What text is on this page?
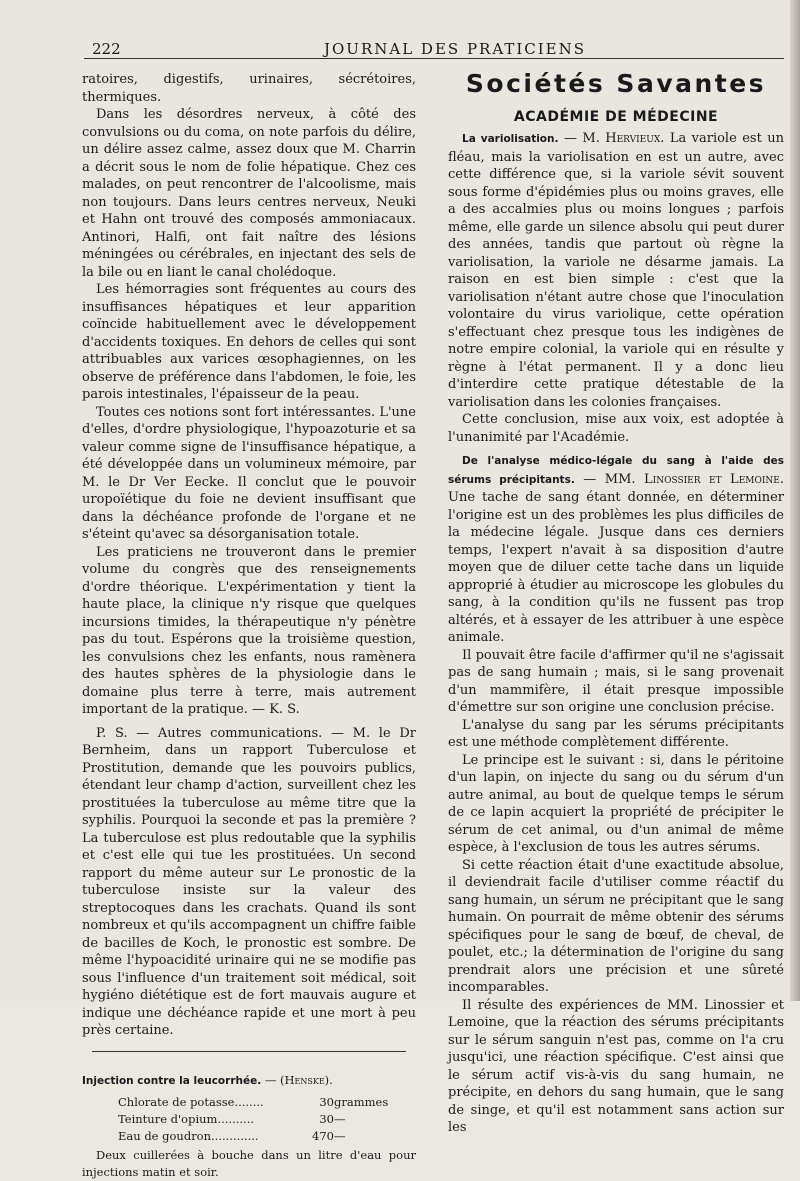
222	JOURNAL DES PRATICIENS

ratoires, digestifs, urinaires, sécrétoires, thermiques.

Dans les désordres nerveux, à côté des convulsions ou du coma, on note parfois du délire, un délire assez calme, assez doux que M. Charrin a décrit sous le nom de folie hépatique. Chez ces malades, on peut rencontrer de l'alcoolisme, mais non toujours. Dans leurs centres nerveux, Neuki et Hahn ont trouvé des composés ammoniacaux. Antinori, Halfi, ont fait naître des lésions méningées ou cérébrales, en injectant des sels de la bile ou en liant le canal cholédoque.

Les hémorragies sont fréquentes au cours des insuffisances hépatiques et leur apparition coïncide habituellement avec le développement d'accidents toxiques. En dehors de celles qui sont attribuables aux varices œsophagiennes, on les observe de préférence dans l'abdomen, le foie, les parois intestinales, l'épaisseur de la peau.

Toutes ces notions sont fort intéressantes. L'une d'elles, d'ordre physiologique, l'hypoazoturie et sa valeur comme signe de l'insuffisance hépatique, a été développée dans un volumineux mémoire, par M. le Dr Ver Eecke. Il conclut que le pouvoir uropoïétique du foie ne devient insuffisant que dans la déchéance profonde de l'organe et ne s'éteint qu'avec sa désorganisation totale.

Les praticiens ne trouveront dans le premier volume du congrès que des renseignements d'ordre théorique. L'expérimentation y tient la haute place, la clinique n'y risque que quelques incursions timides, la thérapeutique n'y pénètre pas du tout. Espérons que la troisième question, les convulsions chez les enfants, nous ramènera des hautes sphères de la physiologie dans le domaine plus terre à terre, mais autrement important de la pratique. — K. S.

P. S. — Autres communications. — M. le Dr Bernheim, dans un rapport Tuberculose et Prostitution, demande que les pouvoirs publics, étendant leur champ d'action, surveillent chez les prostituées la tuberculose au même titre que la syphilis. Pourquoi la seconde et pas la première ? La tuberculose est plus redoutable que la syphilis et c'est elle qui tue les prostituées. Un second rapport du même auteur sur Le pronostic de la tuberculose insiste sur la valeur des streptocoques dans les crachats. Quand ils sont nombreux et qu'ils accompagnent un chiffre faible de bacilles de Koch, le pronostic est sombre. De même l'hypoacidité urinaire qui ne se modifie pas sous l'influence d'un traitement soit médical, soit hygiéno diététique est de fort mauvais augure et indique une déchéance rapide et une mort à peu près certaine.

Injection contre la leucorrhée. — (Henske).
Chlorate de potasse........	30	grammes
Teinture d'opium..........	30	—
Eau de goudron.............	470	—

Deux cuillerées à bouche dans un litre d'eau pour injections matin et soir.

Sociétés Savantes
ACADÉMIE DE MÉDECINE

La variolisation. — M. Hervieux. La variole est un fléau, mais la variolisation en est un autre, avec cette différence que, si la variole sévit souvent sous forme d'épidémies plus ou moins graves, elle a des accalmies plus ou moins longues ; parfois même, elle garde un silence absolu qui peut durer des années, tandis que partout où règne la variolisation, la variole ne désarme jamais. La raison en est bien simple : c'est que la variolisation n'étant autre chose que l'inoculation volontaire du virus variolique, cette opération s'effectuant chez presque tous les indigènes de notre empire colonial, la variole qui en résulte y règne à l'état permanent. Il y a donc lieu d'interdire cette pratique détestable de la variolisation dans les colonies françaises.

Cette conclusion, mise aux voix, est adoptée à l'unanimité par l'Académie.

De l'analyse médico-légale du sang à l'aide des sérums précipitants. — MM. Linossier et Lemoine. Une tache de sang étant donnée, en déterminer l'origine est un des problèmes les plus difficiles de la médecine légale. Jusque dans ces derniers temps, l'expert n'avait à sa disposition d'autre moyen que de diluer cette tache dans un liquide approprié à étudier au microscope les globules du sang, à la condition qu'ils ne fussent pas trop altérés, et à essayer de les attribuer à une espèce animale.

Il pouvait être facile d'affirmer qu'il ne s'agissait pas de sang humain ; mais, si le sang provenait d'un mammifère, il était presque impossible d'émettre sur son origine une conclusion précise.

L'analyse du sang par les sérums précipitants est une méthode complètement différente.

Le principe est le suivant : si, dans le péritoine d'un lapin, on injecte du sang ou du sérum d'un autre animal, au bout de quelque temps le sérum de ce lapin acquiert la propriété de précipiter le sérum de cet animal, ou d'un animal de même espèce, à l'exclusion de tous les autres sérums.

Si cette réaction était d'une exactitude absolue, il deviendrait facile d'utiliser comme réactif du sang humain, un sérum ne précipitant que le sang humain. On pourrait de même obtenir des sérums spécifiques pour le sang de bœuf, de cheval, de poulet, etc.; la détermination de l'origine du sang prendrait alors une précision et une sûreté incomparables.

Il résulte des expériences de MM. Linossier et Lemoine, que la réaction des sérums précipitants sur le sérum sanguin n'est pas, comme on l'a cru jusqu'ici, une réaction spécifique. C'est ainsi que le sérum actif vis-à-vis du sang humain, ne précipite, en dehors du sang humain, que le sang de singe, et qu'il est notamment sans action sur les
